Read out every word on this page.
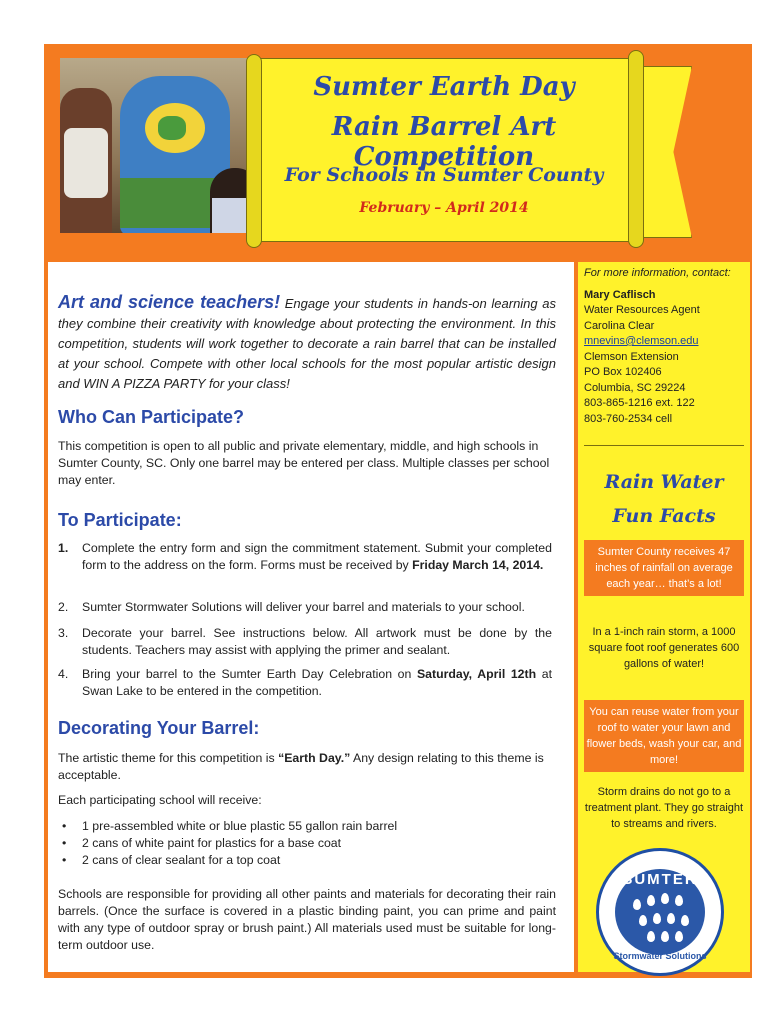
Sumter Earth Day
Rain Barrel Art Competition
For Schools in Sumter County
February – April 2014
Art and science teachers! Engage your students in hands-on learning as they combine their creativity with knowledge about protecting the environment. In this competition, students will work together to decorate a rain barrel that can be installed at your school. Compete with other local schools for the most popular artistic design and WIN A PIZZA PARTY for your class!
Who Can Participate?
This competition is open to all public and private elementary, middle, and high schools in Sumter County, SC. Only one barrel may be entered per class. Multiple classes per school may enter.
To Participate:
1. Complete the entry form and sign the commitment statement. Submit your completed form to the address on the form. Forms must be received by Friday March 14, 2014.
2. Sumter Stormwater Solutions will deliver your barrel and materials to your school.
3. Decorate your barrel. See instructions below. All artwork must be done by the students. Teachers may assist with applying the primer and sealant.
4. Bring your barrel to the Sumter Earth Day Celebration on Saturday, April 12th at Swan Lake to be entered in the competition.
Decorating Your Barrel:
The artistic theme for this competition is “Earth Day.” Any design relating to this theme is acceptable.
Each participating school will receive:
• 1 pre-assembled white or blue plastic 55 gallon rain barrel
• 2 cans of white paint for plastics for a base coat
• 2 cans of clear sealant for a top coat
Schools are responsible for providing all other paints and materials for decorating their rain barrels. (Once the surface is covered in a plastic binding paint, you can prime and paint with any type of outdoor spray or brush paint.) All materials used must be suitable for long-term outdoor use.
For more information, contact:
Mary Caflisch
Water Resources Agent
Carolina Clear
mnevins@clemson.edu
Clemson Extension
PO Box 102406
Columbia, SC 29224
803-865-1216 ext. 122
803-760-2534 cell
Rain Water
Fun Facts
Sumter County receives 47 inches of rainfall on average each year… that’s a lot!
In a 1-inch rain storm, a 1000 square foot roof generates 600 gallons of water!
You can reuse water from your roof to water your lawn and flower beds, wash your car, and more!
Storm drains do not go to a treatment plant. They go straight to streams and rivers.
SUMTER
Stormwater Solutions
